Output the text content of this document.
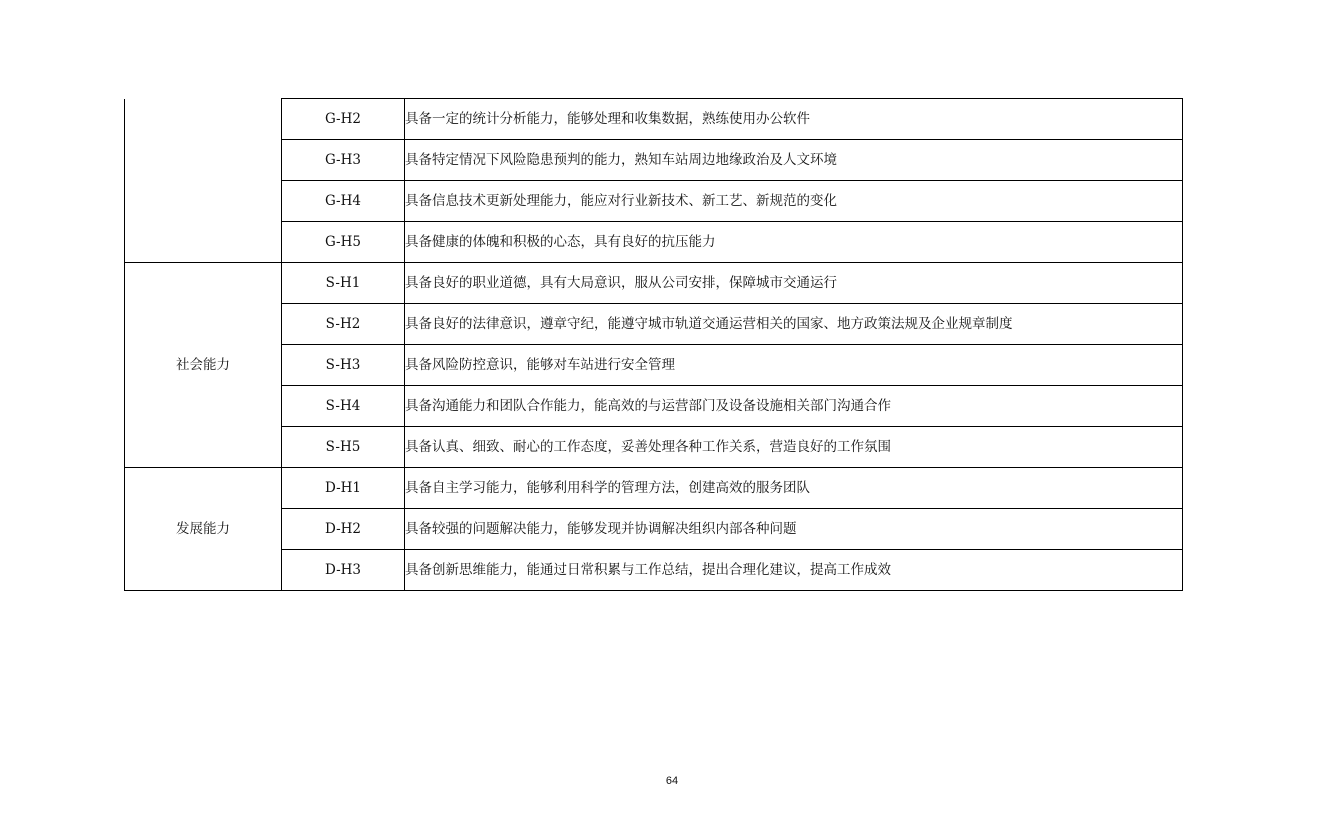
	G-H2	具备一定的统计分析能力，能够处理和收集数据，熟练使用办公软件
	G-H3	具备特定情况下风险隐患预判的能力，熟知车站周边地缘政治及人文环境
	G-H4	具备信息技术更新处理能力，能应对行业新技术、新工艺、新规范的变化
	G-H5	具备健康的体魄和积极的心态，具有良好的抗压能力
社会能力	S-H1	具备良好的职业道德，具有大局意识，服从公司安排，保障城市交通运行
	S-H2	具备良好的法律意识，遵章守纪，能遵守城市轨道交通运营相关的国家、地方政策法规及企业规章制度
	S-H3	具备风险防控意识，能够对车站进行安全管理
	S-H4	具备沟通能力和团队合作能力，能高效的与运营部门及设备设施相关部门沟通合作
	S-H5	具备认真、细致、耐心的工作态度，妥善处理各种工作关系，营造良好的工作氛围
发展能力	D-H1	具备自主学习能力，能够利用科学的管理方法，创建高效的服务团队
	D-H2	具备较强的问题解决能力，能够发现并协调解决组织内部各种问题
	D-H3	具备创新思维能力，能通过日常积累与工作总结，提出合理化建议，提高工作成效
64
